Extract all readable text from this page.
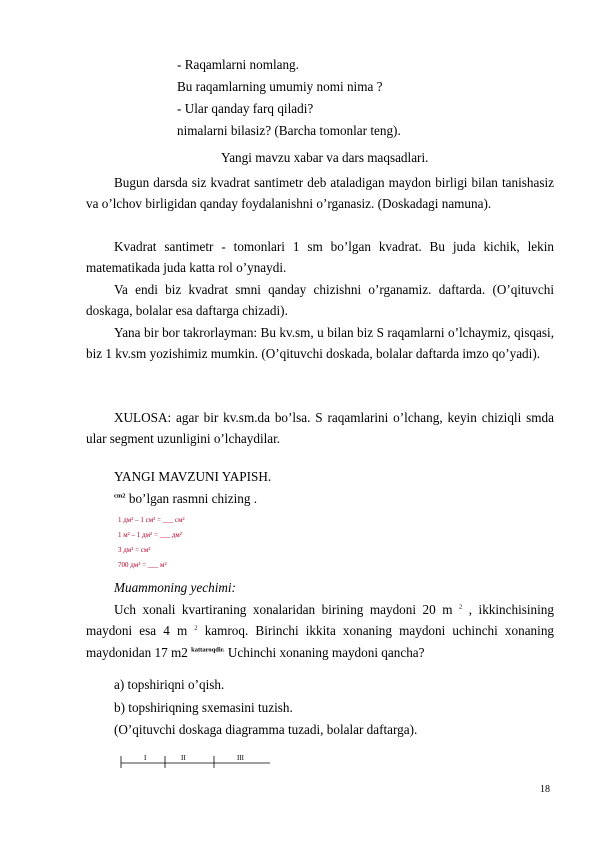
- Raqamlarni nomlang.
Bu raqamlarning umumiy nomi nima ?
- Ular qanday farq qiladi?
nimalarni bilasiz? (Barcha tomonlar teng).
Yangi mavzu xabar va dars maqsadlari.
Bugun darsda siz kvadrat santimetr deb ataladigan maydon birligi bilan tanishasiz va o’lchov birligidan qanday foydalanishni o’rganasiz. (Doskadagi namuna).
Kvadrat santimetr - tomonlari 1 sm bo’lgan kvadrat. Bu juda kichik, lekin matematikada juda katta rol o’ynaydi.
Va endi biz kvadrat smni qanday chizishni o’rganamiz. daftarda. (O’qituvchi doskaga, bolalar esa daftarga chizadi).
Yana bir bor takrorlayman: Bu kv.sm, u bilan biz S raqamlarni o’lchaymiz, qisqasi, biz 1 kv.sm yozishimiz mumkin. (O’qituvchi doskada, bolalar daftarda imzo qo’yadi).
XULOSA: agar bir kv.sm.da bo’lsa. S raqamlarini o’lchang, keyin chiziqli smda ular segment uzunligini o’lchaydilar.
YANGI MAVZUNI YAPISH.
$^{cm2}$ bo’lgan rasmni chizing .
1 дм² – 1 см² = ___ см²
1 м² – 1 дм² = ___ дм²
3 дм² = см²
700 дм² = ___ м²
Muammoning yechimi:
Uch xonali kvartiraning xonalaridan birining maydoni 20 m $^2$ , ikkinchisining maydoni esa 4 m $^2$ kamroq. Birinchi ikkita xonaning maydoni uchinchi xonaning maydonidan 17 m2 $^{kattaroqdir.}$ Uchinchi xonaning maydoni qancha?
a) topshiriqni o’qish.
b) topshiriqning sxemasini tuzish.
(O’qituvchi doskaga diagramma tuzadi, bolalar daftarga).
I	II	III
18
